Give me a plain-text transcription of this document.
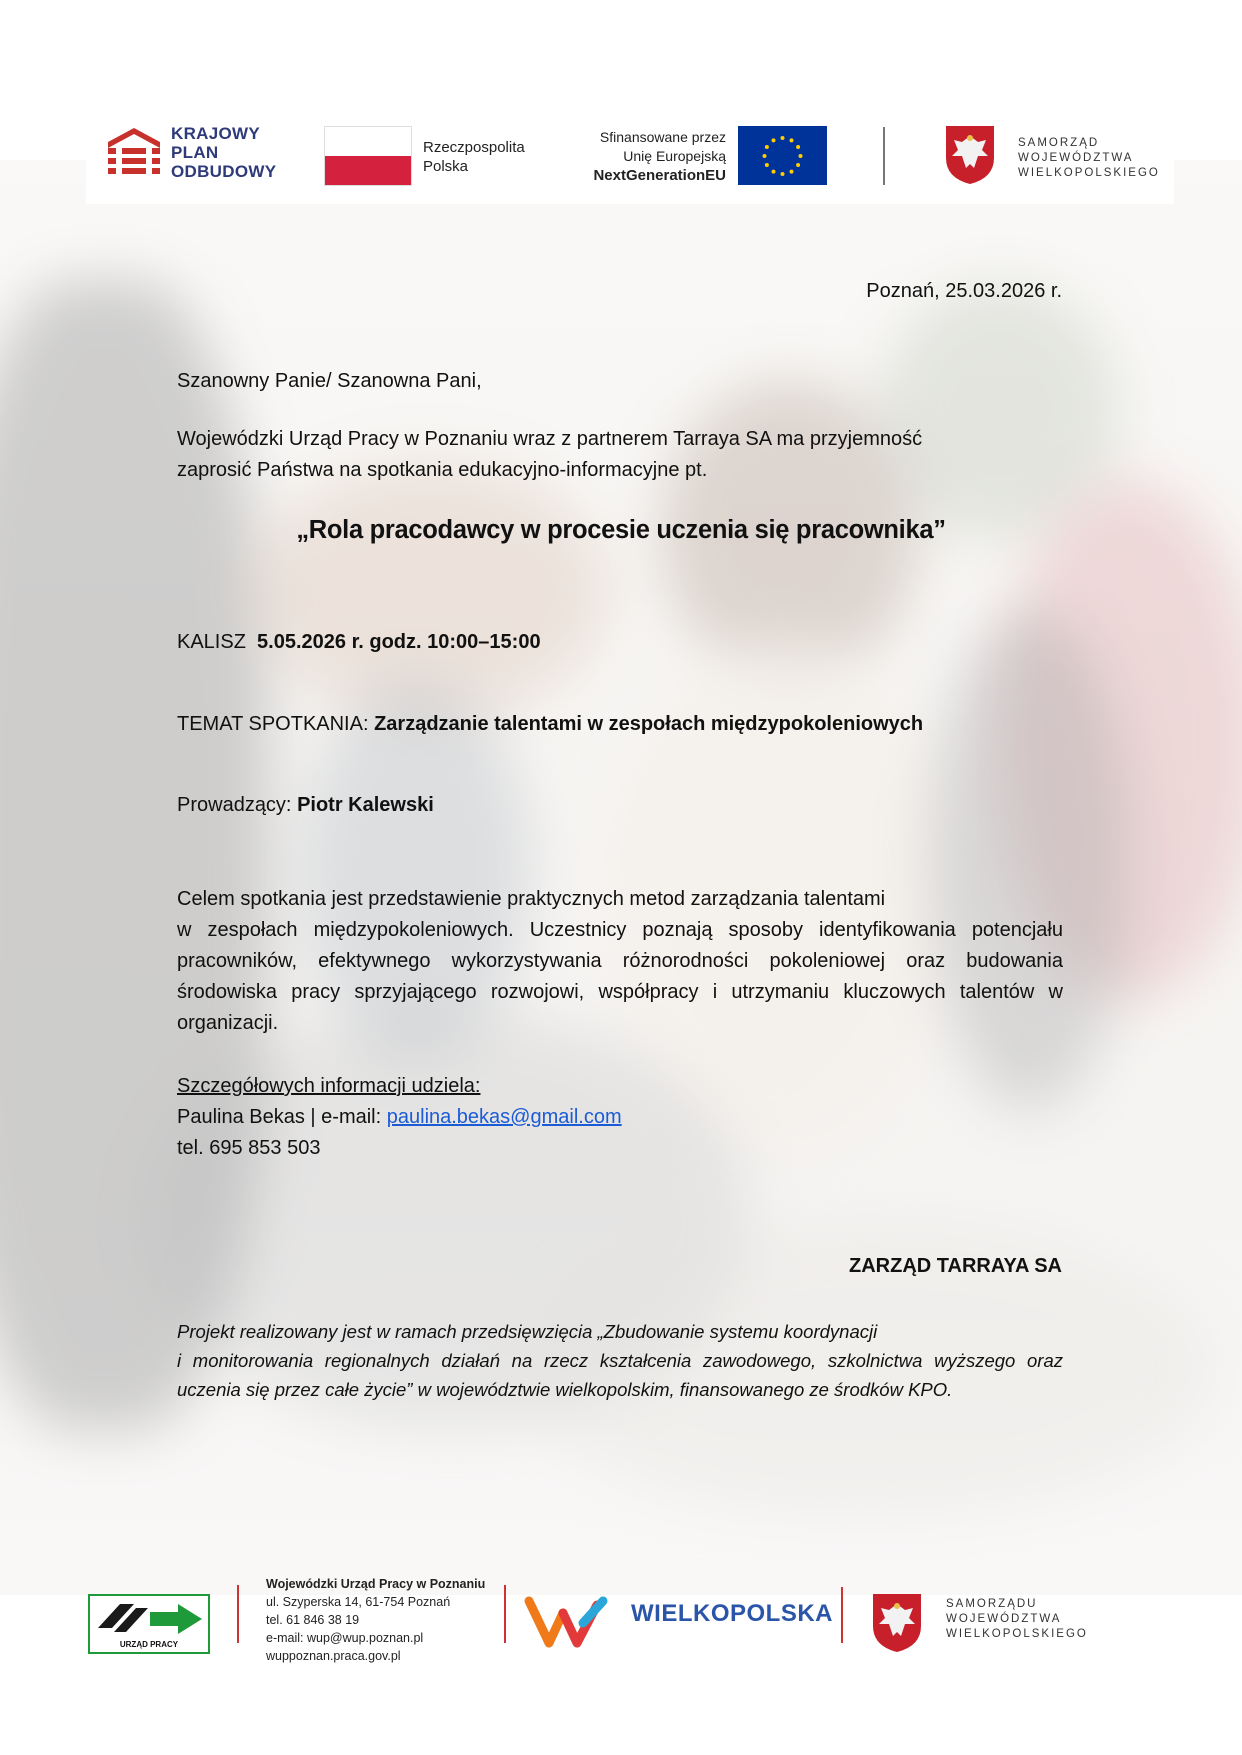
KRAJOWY
PLAN
ODBUDOWY
Rzeczpospolita
Polska
Sfinansowane przez
Unię Europejską
NextGenerationEU
SAMORZĄD
WOJEWÓDZTWA
WIELKOPOLSKIEGO
Poznań, 25.03.2026 r.
Szanowny Panie/ Szanowna Pani,
Wojewódzki Urząd Pracy w Poznaniu wraz z partnerem Tarraya SA ma przyjemność
zaprosić Państwa na spotkania edukacyjno-informacyjne pt.
„Rola pracodawcy w procesie uczenia się pracownika”
KALISZ 5.05.2026 r. godz. 10:00–15:00
TEMAT SPOTKANIA: Zarządzanie talentami w zespołach międzypokoleniowych
Prowadzący: Piotr Kalewski
Celem spotkania jest przedstawienie praktycznych metod zarządzania talentami
w zespołach międzypokoleniowych. Uczestnicy poznają sposoby identyfikowania potencjału pracowników, efektywnego wykorzystywania różnorodności pokoleniowej oraz budowania środowiska pracy sprzyjającego rozwojowi, współpracy i utrzymaniu kluczowych talentów w organizacji.
Szczegółowych informacji udziela:
Paulina Bekas | e-mail: paulina.bekas@gmail.com
tel. 695 853 503
ZARZĄD TARRAYA SA
Projekt realizowany jest w ramach przedsięwzięcia „Zbudowanie systemu koordynacji
i monitorowania regionalnych działań na rzecz kształcenia zawodowego, szkolnictwa wyższego oraz uczenia się przez całe życie” w województwie wielkopolskim, finansowanego ze środków KPO.
URZĄD PRACY
Wojewódzki Urząd Pracy w Poznaniu
ul. Szyperska 14, 61-754 Poznań
tel. 61 846 38 19
e-mail: wup@wup.poznan.pl
wuppoznan.praca.gov.pl
WIELKOPOLSKA	SAMORZĄDU
WOJEWÓDZTWA
WIELKOPOLSKIEGO
